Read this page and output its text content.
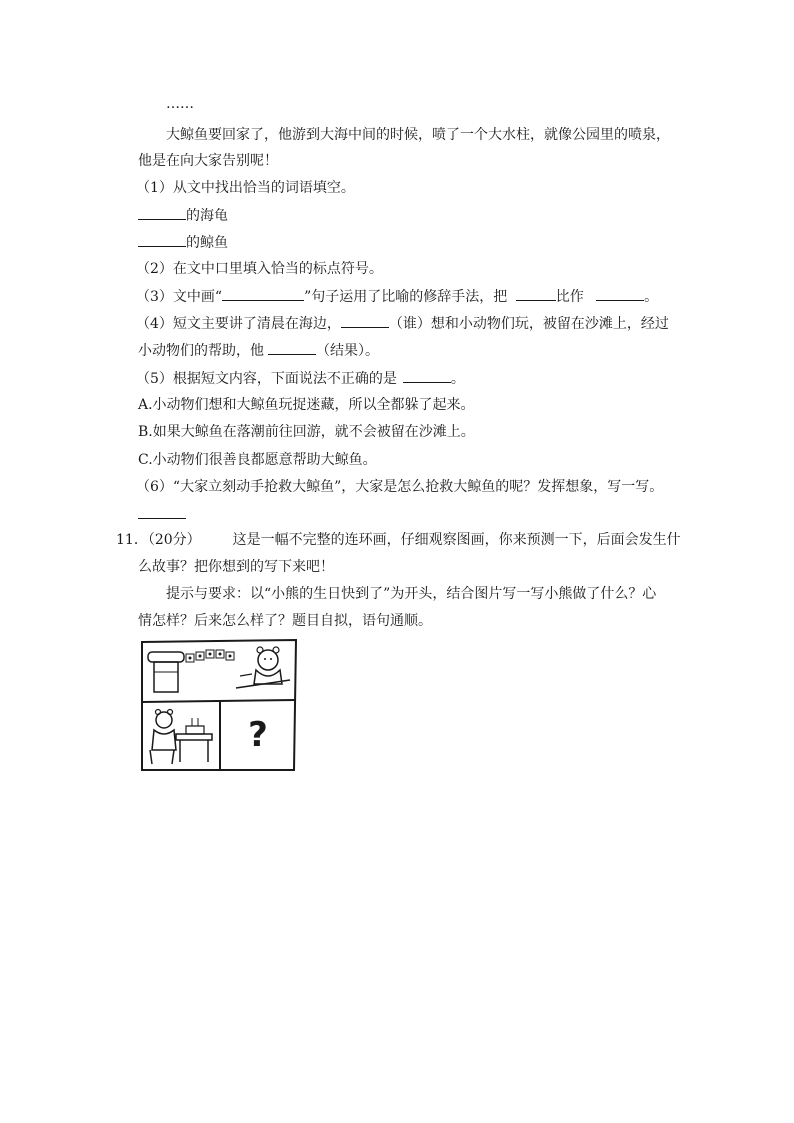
……
大鲸鱼要回家了，他游到大海中间的时候，喷了一个大水柱，就像公园里的喷泉，
他是在向大家告别呢！
（1）从文中找出恰当的词语填空。
的海龟
的鲸鱼
（2）在文中口里填入恰当的标点符号。
（3）文中画“	”句子运用了比喻的修辞手法，把	比作	。
（4）短文主要讲了清晨在海边，	（谁）想和小动物们玩，被留在沙滩上，经过
小动物们的帮助，他	（结果）。
（5）根据短文内容，下面说法不正确的是	。
A.小动物们想和大鲸鱼玩捉迷藏，所以全都躲了起来。
B.如果大鲸鱼在落潮前往回游，就不会被留在沙滩上。
C.小动物们很善良都愿意帮助大鲸鱼。
（6）“大家立刻动手抢救大鲸鱼”，大家是怎么抢救大鲸鱼的呢？发挥想象，写一写。
11．（20分） 这是一幅不完整的连环画，仔细观察图画，你来预测一下，后面会发生什
么故事？把你想到的写下来吧！
提示与要求：以“小熊的生日快到了”为开头，结合图片写一写小熊做了什么？心
情怎样？后来怎么样了？题目自拟，语句通顺。
?
